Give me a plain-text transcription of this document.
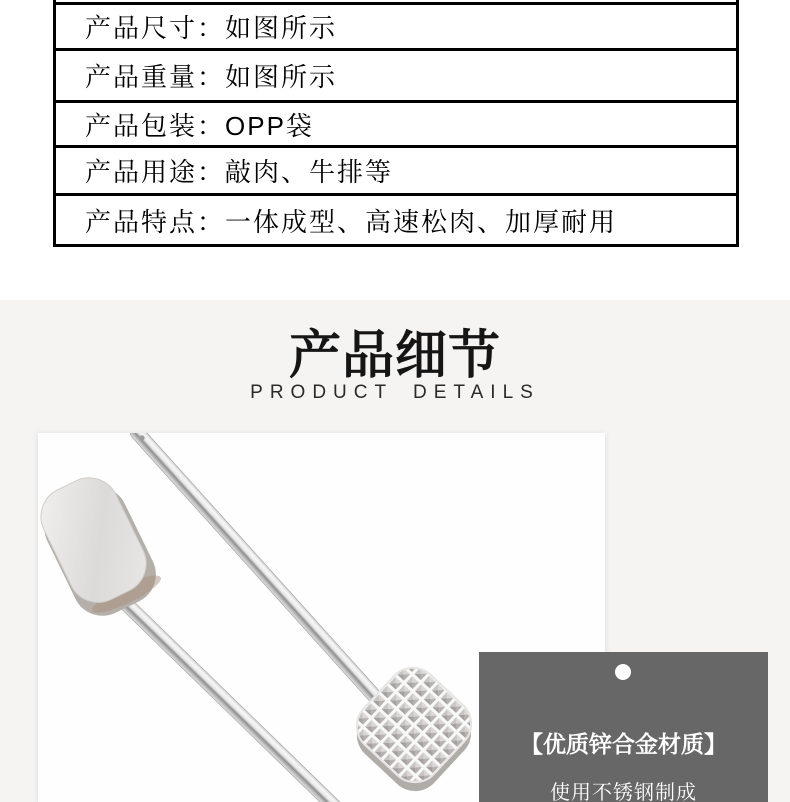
产品尺寸： 如图所示
产品重量： 如图所示
产品包装： OPP袋
产品用途： 敲肉、牛排等
产品特点： 一体成型、高速松肉、加厚耐用
产品细节
PRODUCT DETAILS
【优质锌合金材质】
使用不锈钢制成
